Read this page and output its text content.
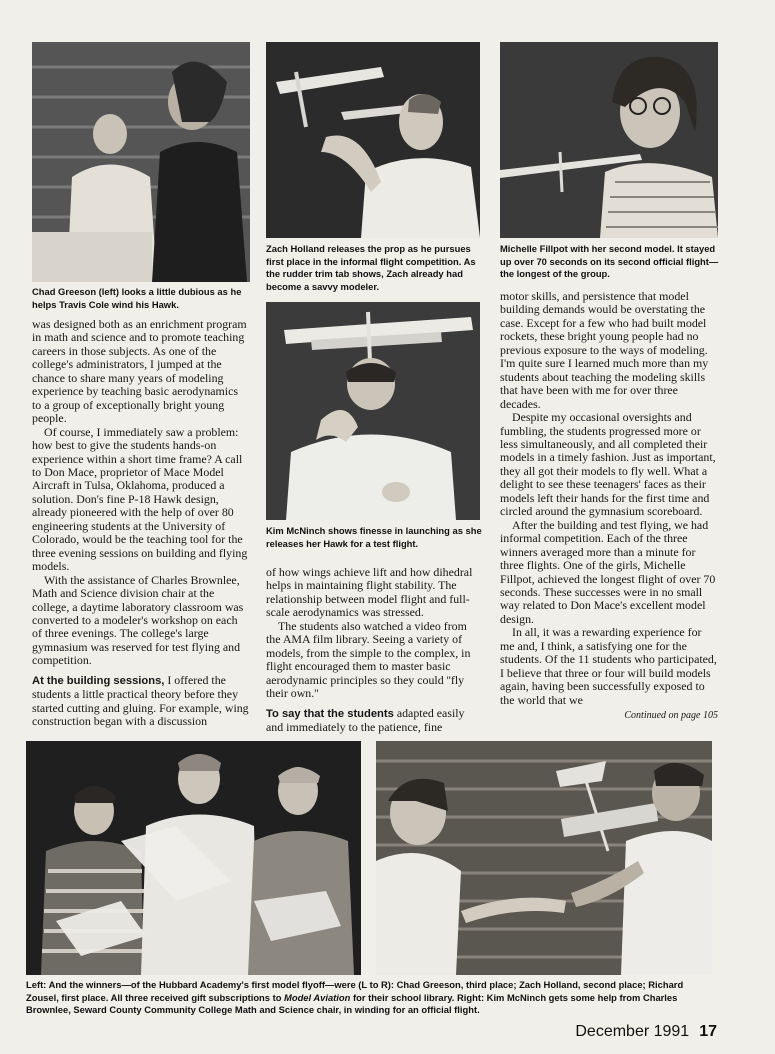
Chad Greeson (left) looks a little dubious as he helps Travis Cole wind his Hawk.
Zach Holland releases the prop as he pursues first place in the informal flight competition. As the rudder trim tab shows, Zach already had become a savvy modeler.
Michelle Fillpot with her second model. It stayed up over 70 seconds on its second official flight—the longest of the group.
Kim McNinch shows finesse in launching as she releases her Hawk for a test flight.
Left: And the winners—of the Hubbard Academy's first model flyoff—were (L to R): Chad Greeson, third place; Zach Holland, second place; Richard Zousel, first place. All three received gift subscriptions to Model Aviation for their school library. Right: Kim McNinch gets some help from Charles Brownlee, Seward County Community College Math and Science chair, in winding for an official flight.

was designed both as an enrichment program in math and science and to promote teaching careers in those subjects. As one of the college's administrators, I jumped at the chance to share many years of modeling experience by teaching basic aerodynamics to a group of exceptionally bright young people.

Of course, I immediately saw a problem: how best to give the students hands-on experience within a short time frame? A call to Don Mace, proprietor of Mace Model Aircraft in Tulsa, Oklahoma, produced a solution. Don's fine P-18 Hawk design, already pioneered with the help of over 80 engineering students at the University of Colorado, would be the teaching tool for the three evening sessions on building and flying models.

With the assistance of Charles Brownlee, Math and Science division chair at the college, a daytime laboratory classroom was converted to a modeler's workshop on each of three evenings. The college's large gymnasium was reserved for test flying and competition.

At the building sessions, I offered the students a little practical theory before they started cutting and gluing. For example, wing construction began with a discussion

of how wings achieve lift and how dihedral helps in maintaining flight stability. The relationship between model flight and full-scale aerodynamics was stressed.

The students also watched a video from the AMA film library. Seeing a variety of models, from the simple to the complex, in flight encouraged them to master basic aerodynamic principles so they could ''fly their own.''

To say that the students adapted easily and immediately to the patience, fine

motor skills, and persistence that model building demands would be overstating the case. Except for a few who had built model rockets, these bright young people had no previous exposure to the ways of modeling. I'm quite sure I learned much more than my students about teaching the modeling skills that have been with me for over three decades.

Despite my occasional oversights and fumbling, the students progressed more or less simultaneously, and all completed their models in a timely fashion. Just as important, they all got their models to fly well. What a delight to see these teenagers' faces as their models left their hands for the first time and circled around the gymnasium scoreboard.

After the building and test flying, we had informal competition. Each of the three winners averaged more than a minute for three flights. One of the girls, Michelle Fillpot, achieved the longest flight of over 70 seconds. These successes were in no small way related to Don Mace's excellent model design.

In all, it was a rewarding experience for me and, I think, a satisfying one for the students. Of the 11 students who participated, I believe that three or four will build models again, having been successfully exposed to the world that we

Continued on page 105

December 1991 17
